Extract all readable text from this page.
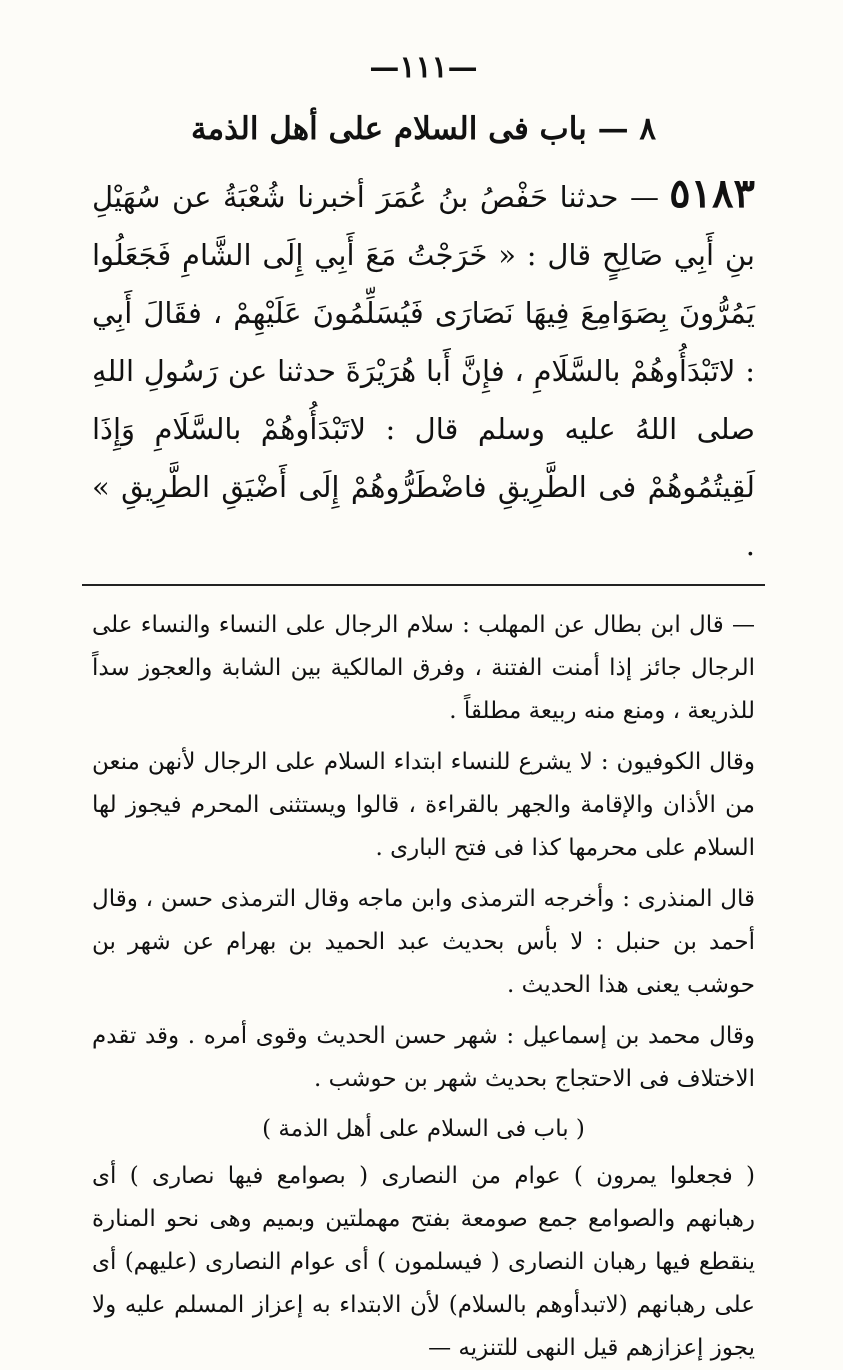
—١١١—
٨ — باب فى السلام على أهل الذمة
٥١٨٣— حدثنا حَفْصُ بنُ عُمَرَ أخبرنا شُعْبَةُ عن سُهَيْلِ بنِ أَبِي صَالِحٍ قال : « خَرَجْتُ مَعَ أَبِي إِلَى الشَّامِ فَجَعَلُوا يَمُرُّونَ بِصَوَامِعَ فِيهَا نَصَارَى فَيُسَلِّمُونَ عَلَيْهِمْ ، فقَالَ أَبِي : لاتَبْدَأُوهُمْ بالسَّلَامِ ، فإِنَّ أَبا هُرَيْرَةَ حدثنا عن رَسُولِ اللهِ صلى اللهُ عليه وسلم قال : لاتَبْدَأُوهُمْ بالسَّلَامِ وَإِذَا لَقِيتُمُوهُمْ فى الطَّرِيقِ فاضْطَرُّوهُمْ إِلَى أَضْيَقِ الطَّرِيقِ » .

— قال ابن بطال عن المهلب : سلام الرجال على النساء والنساء على الرجال جائز إذا أمنت الفتنة ، وفرق المالكية بين الشابة والعجوز سداً للذريعة ، ومنع منه ربيعة مطلقاً .

وقال الكوفيون : لا يشرع للنساء ابتداء السلام على الرجال لأنهن منعن من الأذان والإقامة والجهر بالقراءة ، قالوا ويستثنى المحرم فيجوز لها السلام على محرمها كذا فى فتح البارى .

قال المنذرى : وأخرجه الترمذى وابن ماجه وقال الترمذى حسن ، وقال أحمد بن حنبل : لا بأس بحديث عبد الحميد بن بهرام عن شهر بن حوشب يعنى هذا الحديث .

وقال محمد بن إسماعيل : شهر حسن الحديث وقوى أمره . وقد تقدم الاختلاف فى الاحتجاج بحديث شهر بن حوشب .

( باب فى السلام على أهل الذمة )

( فجعلوا يمرون ) عوام من النصارى ( بصوامع فيها نصارى ) أى رهبانهم والصوامع جمع صومعة بفتح مهملتين وبميم وهى نحو المنارة ينقطع فيها رهبان النصارى ( فيسلمون ) أى عوام النصارى (عليهم) أى على رهبانهم (لاتبدأوهم بالسلام) لأن الابتداء به إعزاز المسلم عليه ولا يجوز إعزازهم قيل النهى للتنزيه —
